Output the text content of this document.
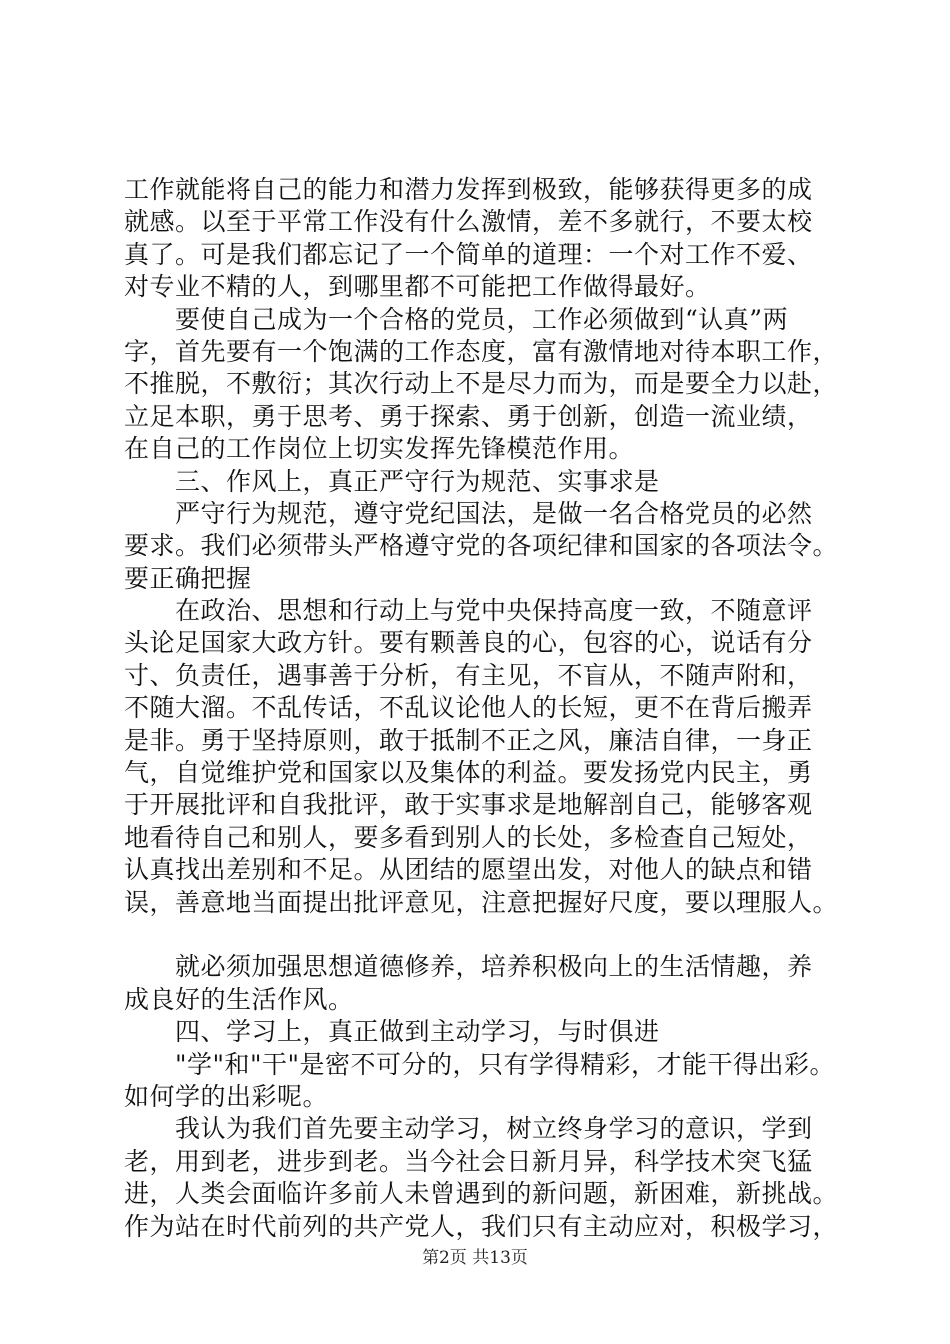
工作就能将自己的能力和潜力发挥到极致，能够获得更多的成
就感。以至于平常工作没有什么激情，差不多就行，不要太校
真了。可是我们都忘记了一个简单的道理：一个对工作不爱、
对专业不精的人，到哪里都不可能把工作做得最好。
　　要使自己成为一个合格的党员，工作必须做到“认真”两
字，首先要有一个饱满的工作态度，富有激情地对待本职工作，
不推脱，不敷衍；其次行动上不是尽力而为，而是要全力以赴，
立足本职，勇于思考、勇于探索、勇于创新，创造一流业绩，
在自己的工作岗位上切实发挥先锋模范作用。
　　三、作风上，真正严守行为规范、实事求是
　　严守行为规范，遵守党纪国法，是做一名合格党员的必然
要求。我们必须带头严格遵守党的各项纪律和国家的各项法令。
要正确把握
　　在政治、思想和行动上与党中央保持高度一致，不随意评
头论足国家大政方针。要有颗善良的心，包容的心，说话有分
寸、负责任，遇事善于分析，有主见，不盲从，不随声附和，
不随大溜。不乱传话，不乱议论他人的长短，更不在背后搬弄
是非。勇于坚持原则，敢于抵制不正之风，廉洁自律，一身正
气，自觉维护党和国家以及集体的利益。要发扬党内民主，勇
于开展批评和自我批评，敢于实事求是地解剖自己，能够客观
地看待自己和别人，要多看到别人的长处，多检查自己短处，
认真找出差别和不足。从团结的愿望出发，对他人的缺点和错
误，善意地当面提出批评意见，注意把握好尺度，要以理服人。
　　就必须加强思想道德修养，培养积极向上的生活情趣，养
成良好的生活作风。
　　四、学习上，真正做到主动学习，与时俱进
　　"学"和"干"是密不可分的，只有学得精彩，才能干得出彩。
如何学的出彩呢。
　　我认为我们首先要主动学习，树立终身学习的意识，学到
老，用到老，进步到老。当今社会日新月异，科学技术突飞猛
进，人类会面临许多前人未曾遇到的新问题，新困难，新挑战。
作为站在时代前列的共产党人，我们只有主动应对，积极学习，
第2页 共13页
